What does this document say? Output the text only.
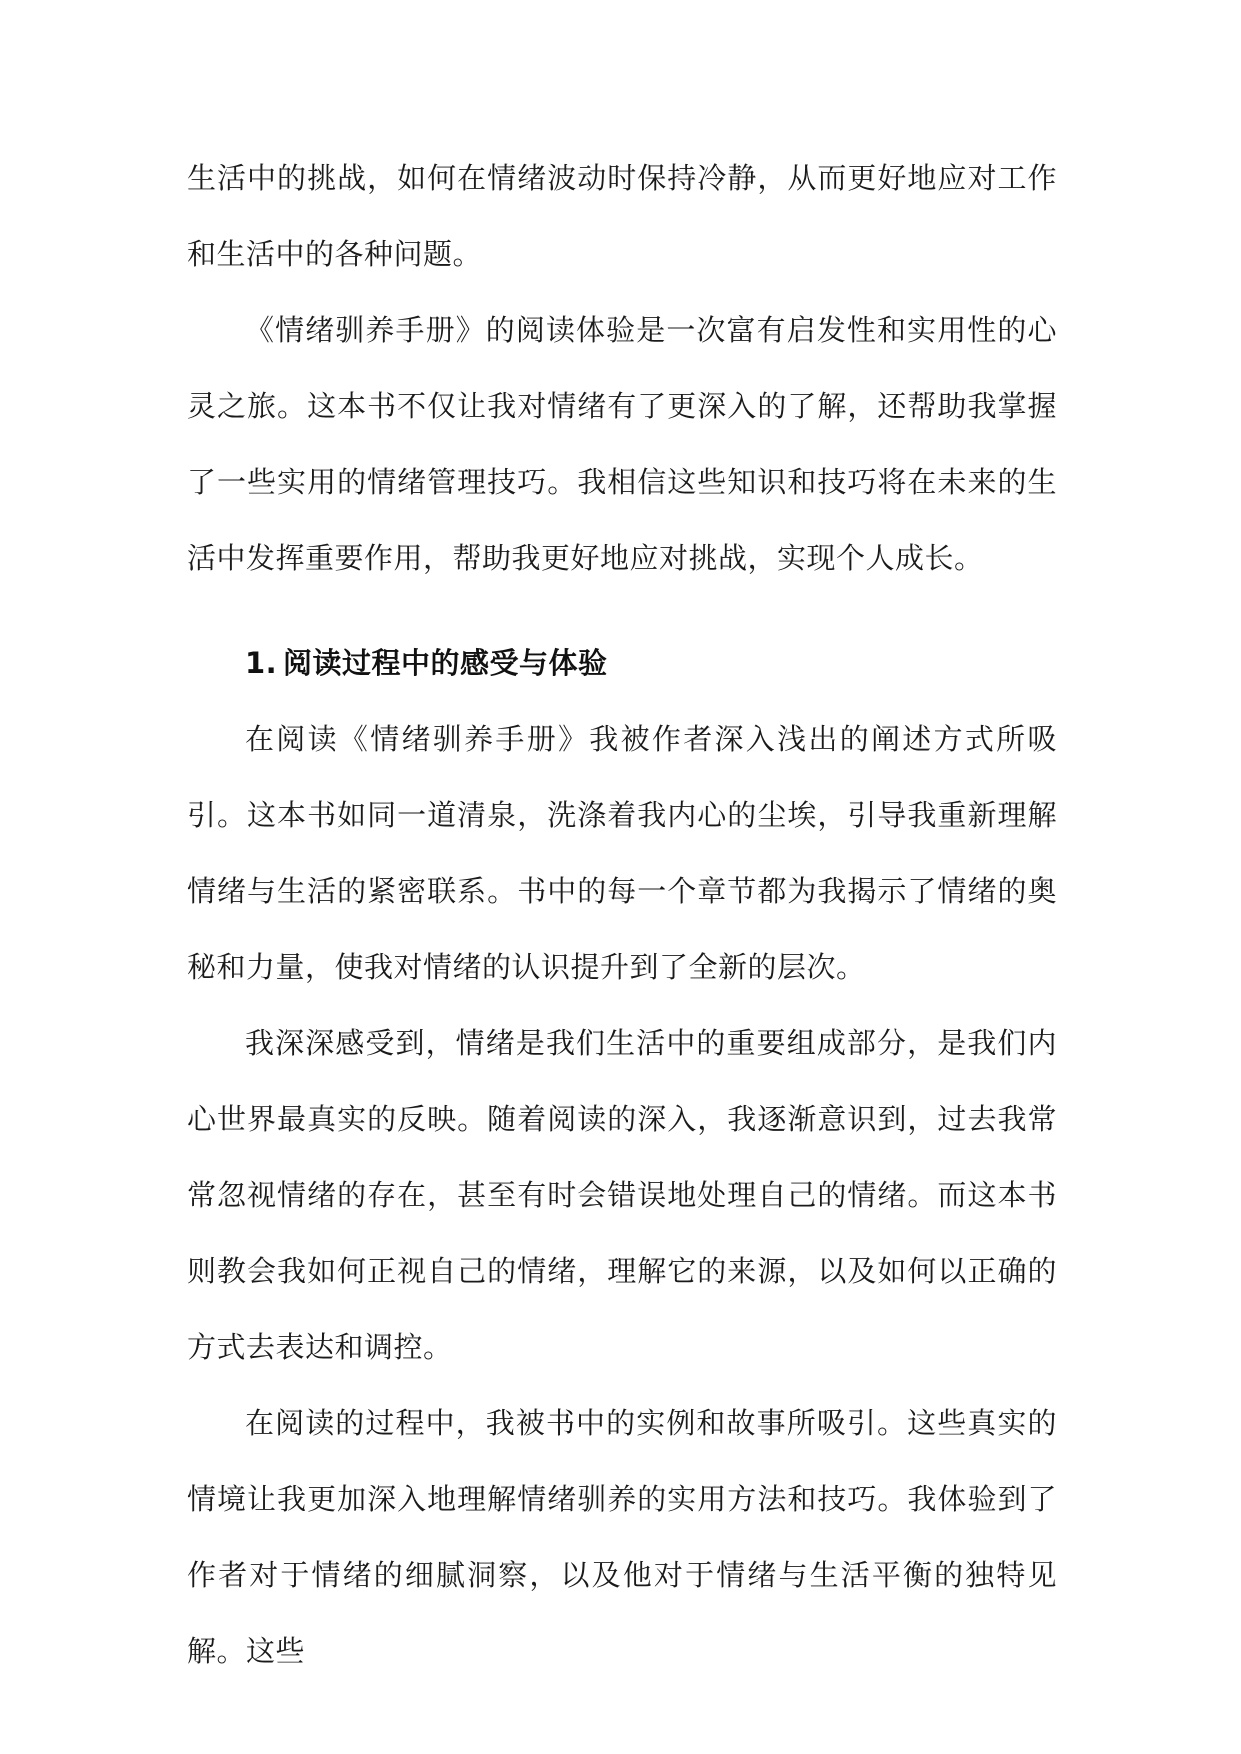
生活中的挑战，如何在情绪波动时保持冷静，从而更好地应对工作和生活中的各种问题。

《情绪驯养手册》的阅读体验是一次富有启发性和实用性的心灵之旅。这本书不仅让我对情绪有了更深入的了解，还帮助我掌握了一些实用的情绪管理技巧。我相信这些知识和技巧将在未来的生活中发挥重要作用，帮助我更好地应对挑战，实现个人成长。

1. 阅读过程中的感受与体验

在阅读《情绪驯养手册》我被作者深入浅出的阐述方式所吸引。这本书如同一道清泉，洗涤着我内心的尘埃，引导我重新理解情绪与生活的紧密联系。书中的每一个章节都为我揭示了情绪的奥秘和力量，使我对情绪的认识提升到了全新的层次。

我深深感受到，情绪是我们生活中的重要组成部分，是我们内心世界最真实的反映。随着阅读的深入，我逐渐意识到，过去我常常忽视情绪的存在，甚至有时会错误地处理自己的情绪。而这本书则教会我如何正视自己的情绪，理解它的来源，以及如何以正确的方式去表达和调控。

在阅读的过程中，我被书中的实例和故事所吸引。这些真实的情境让我更加深入地理解情绪驯养的实用方法和技巧。我体验到了作者对于情绪的细腻洞察，以及他对于情绪与生活平衡的独特见解。这些
